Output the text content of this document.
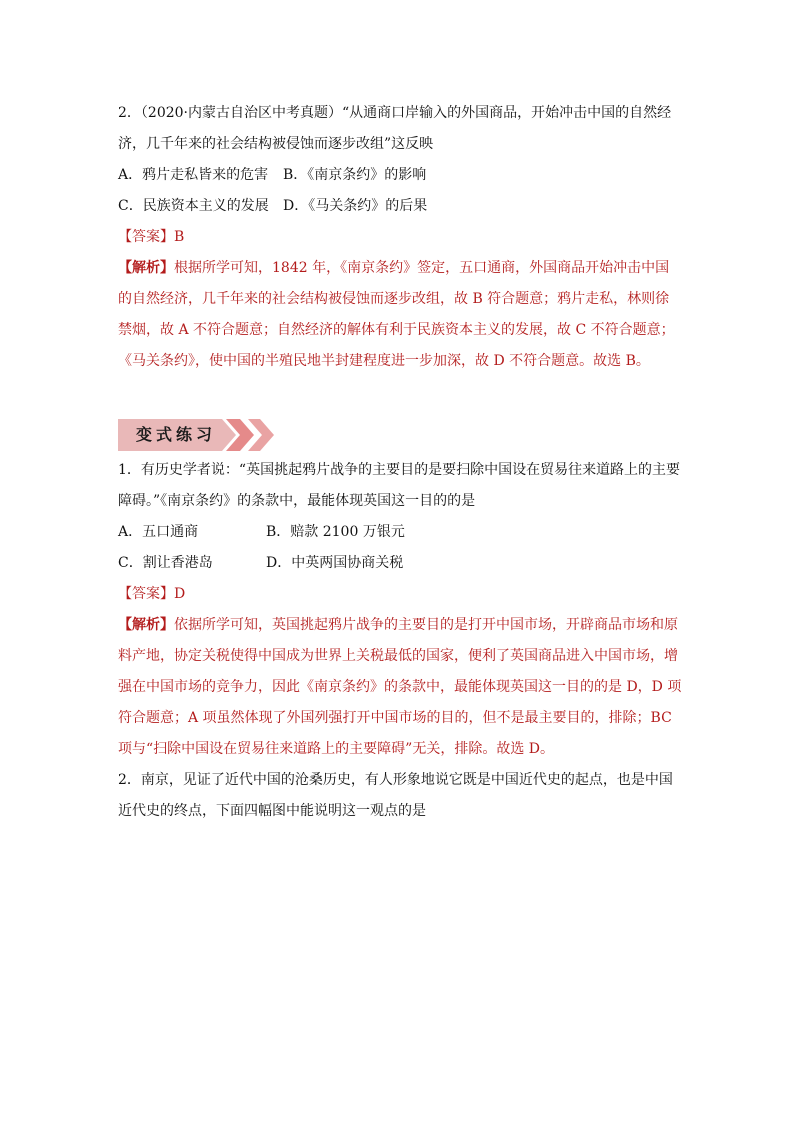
2．（2020·内蒙古自治区中考真题）“从通商口岸输入的外国商品，开始冲击中国的自然经
济，几千年来的社会结构被侵蚀而逐步改组”这反映
A．鸦片走私皆来的危害 B．《南京条约》的影响
C．民族资本主义的发展 D．《马关条约》的后果
【答案】B
【解析】根据所学可知，1842 年，《南京条约》签定，五口通商，外国商品开始冲击中国
的自然经济，几千年来的社会结构被侵蚀而逐步改组，故 B 符合题意；鸦片走私，林则徐
禁烟，故 A 不符合题意；自然经济的解体有利于民族资本主义的发展，故 C 不符合题意；
《马关条约》，使中国的半殖民地半封建程度进一步加深，故 D 不符合题意。故选 B。
变式练习
1．有历史学者说：“英国挑起鸦片战争的主要目的是要扫除中国设在贸易往来道路上的主要
障碍。”《南京条约》的条款中，最能体现英国这一目的的是
A．五口通商	B．赔款 2100 万银元
C．割让香港岛	D．中英两国协商关税
【答案】D
【解析】依据所学可知，英国挑起鸦片战争的主要目的是打开中国市场，开辟商品市场和原
料产地，协定关税使得中国成为世界上关税最低的国家，便利了英国商品进入中国市场，增
强在中国市场的竞争力，因此《南京条约》的条款中，最能体现英国这一目的的是 D，D 项
符合题意；A 项虽然体现了外国列强打开中国市场的目的，但不是最主要目的，排除；BC
项与“扫除中国设在贸易往来道路上的主要障碍”无关，排除。故选 D。
2．南京，见证了近代中国的沧桑历史，有人形象地说它既是中国近代史的起点，也是中国
近代史的终点，下面四幅图中能说明这一观点的是
